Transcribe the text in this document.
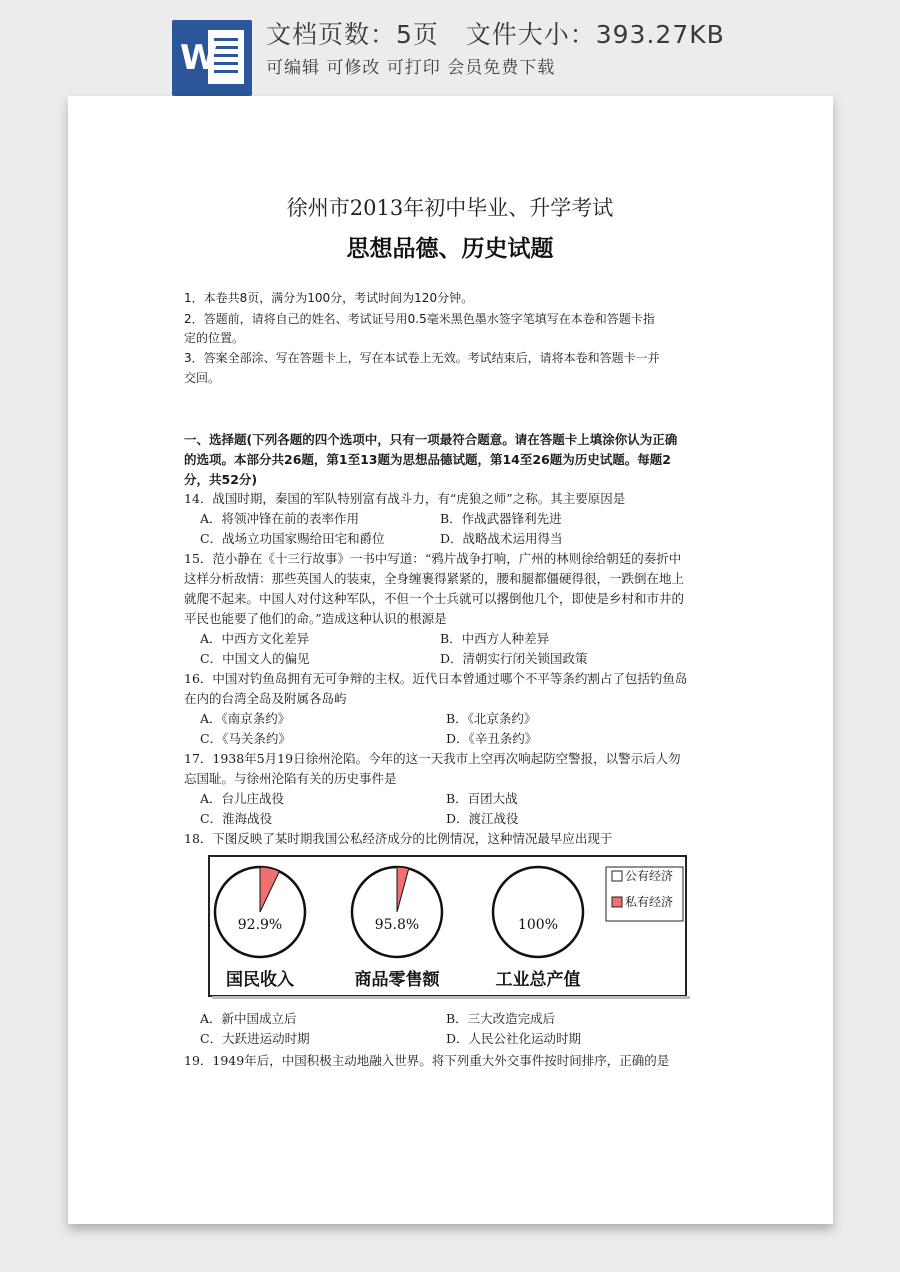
W
文档页数：5页   文件大小：393.27KB
可编辑 可修改 可打印 会员免费下载
徐州市2013年初中毕业、升学考试
思想品德、历史试题
1．本卷共8页，满分为100分，考试时间为120分钟。
2．答题前，请将自己的姓名、考试证号用0.5毫米黑色墨水签字笔填写在本卷和答题卡指
定的位置。
3．答案全部涂、写在答题卡上，写在本试卷上无效。考试结束后，请将本卷和答题卡一并
交回。
一、选择题(下列各题的四个选项中，只有一项最符合题意。请在答题卡上填涂你认为正确
的选项。本部分共26题，第1至13题为思想品德试题，第14至26题为历史试题。每题2
分，共52分)
14．战国时期，秦国的军队特别富有战斗力，有“虎狼之师”之称。其主要原因是
A．将领冲锋在前的表率作用	B．作战武器锋利先进
C．战场立功国家赐给田宅和爵位	D．战略战术运用得当
15．范小静在《十三行故事》一书中写道：“鸦片战争打响，广州的林则徐给朝廷的奏折中
这样分析敌情：那些英国人的装束，全身缠裹得紧紧的，腰和腿都僵硬得很，一跌倒在地上
就爬不起来。中国人对付这种军队，不但一个士兵就可以撂倒他几个，即使是乡村和市井的
平民也能要了他们的命。”造成这种认识的根源是
A．中西方文化差异	B．中西方人种差异
C．中国文人的偏见	D．清朝实行闭关锁国政策
16．中国对钓鱼岛拥有无可争辩的主权。近代日本曾通过哪个不平等条约割占了包括钓鱼岛
在内的台湾全岛及附属各岛屿
A．《南京条约》	B．《北京条约》
C．《马关条约》	D．《辛丑条约》
17．1938年5月19日徐州沦陷。今年的这一天我市上空再次响起防空警报，以警示后人勿
忘国耻。与徐州沦陷有关的历史事件是
A．台儿庄战役	B．百团大战
C．淮海战役	D．渡江战役
18．下图反映了某时期我国公私经济成分的比例情况，这种情况最早应出现于
92.9%
国民收入
95.8%
商品零售额
100%
工业总产值
公有经济
私有经济
A．新中国成立后	B．三大改造完成后
C．大跃进运动时期	D．人民公社化运动时期
19．1949年后，中国积极主动地融入世界。将下列重大外交事件按时间排序，正确的是
